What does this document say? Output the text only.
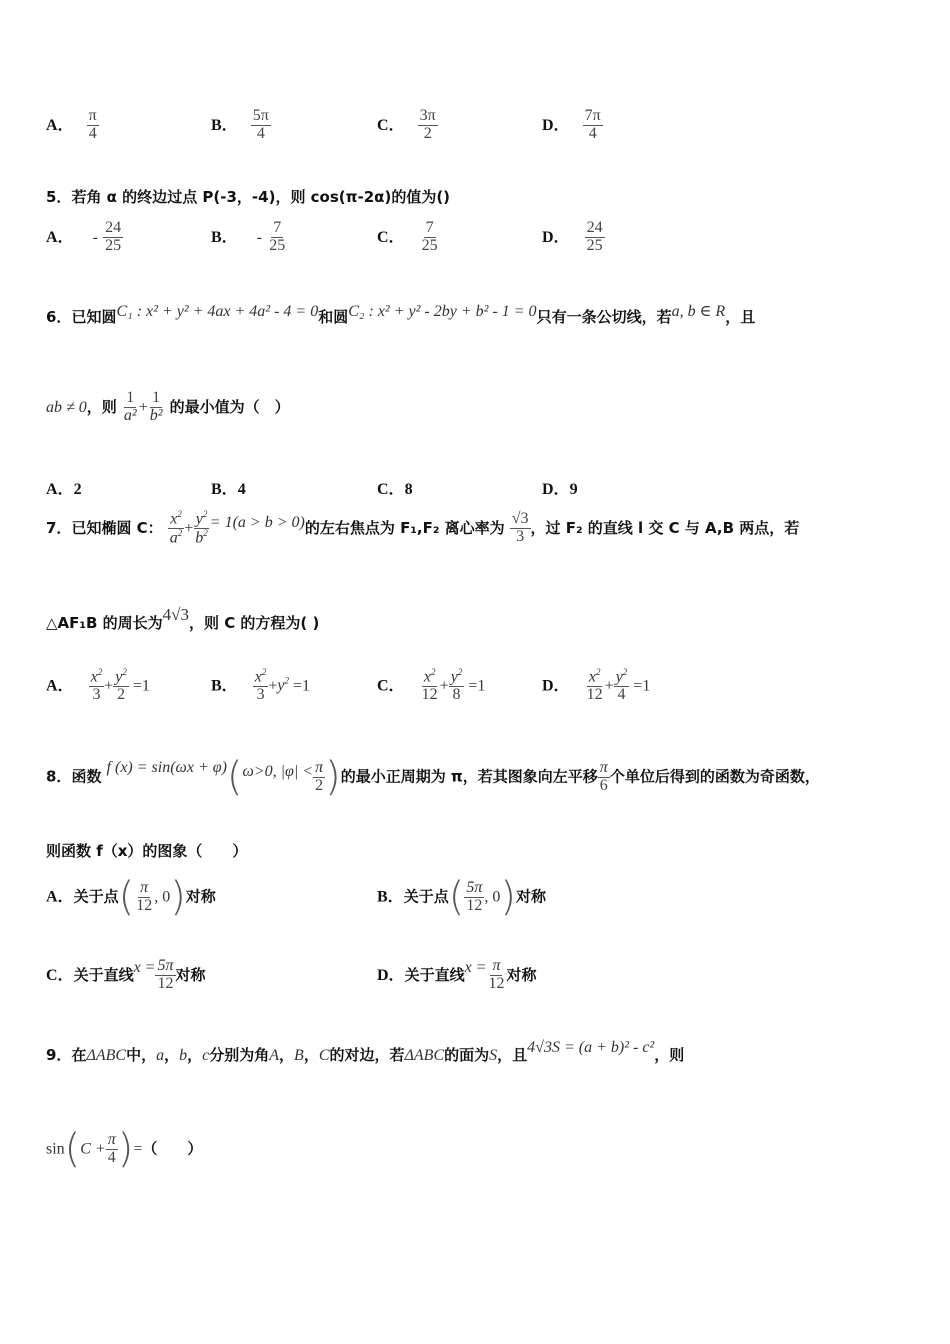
A． $\frac{\pi}{4}$	B． $\frac{5\pi}{4}$	C． $\frac{3\pi}{2}$	D． $\frac{7\pi}{4}$
5．若角 α 的终边过点 P(-3，-4)，则 cos(π-2α)的值为()
A． - $\frac{24}{25}$	B． - $\frac{7}{25}$	C． $\frac{7}{25}$	D． $\frac{24}{25}$
6．已知圆C₁ : x² + y² + 4ax + 4a² - 4 = 0和圆C₂ : x² + y² - 2by + b² - 1 = 0只有一条公切线，若a, b ∈ R，且
ab ≠ 0，则 $\frac{1}{\text{a²}} + \frac{1}{\text{b²}}$ 的最小值为（　）
A．2	B．4	C．8	D．9
7．已知椭圆 C： $\frac{x^2}{a^2} + \frac{y^2}{b^2} = 1(a > b > 0)$的左右焦点为 F₁,F₂ 离心率为 $\frac{√3}{3}$ ，过 F₂ 的直线 l 交 C 与 A,B 两点，若
△AF₁B 的周长为4√3，则 C 的方程为( )
A． $\frac{x^2}{3} + \frac{y^2}{2} =1$	B． $\frac{x^2}{3} +y^2 =1$	C． $\frac{x^2}{12} + \frac{y^2}{8} =1$	D． $\frac{x^2}{12} + \frac{y^2}{4} =1$
8．函数 f (x) = sin(ωx + φ)(ω>0, $|\varphi| < \frac{\pi}{2}$ )的最小正周期为 π，若其图象向左平移 $\frac{\pi}{6}$ 个单位后得到的函数为奇函数，
则函数 f（x）的图象（　　）
A．关于点( $\frac{\pi}{12}$ , 0)对称	B．关于点( $\frac{5\pi}{12}$ , 0)对称
C．关于直线$x = \frac{5\pi}{12}$ 对称	D．关于直线$x = \frac{\pi}{12}$ 对称
9．在ΔABC中，a，b，c分别为角A，B，C的对边，若ΔABC的面为S，且4√3S = (a + b)² - c²，则
$\sin(C + \frac{\pi}{4}$ )=（　　）
